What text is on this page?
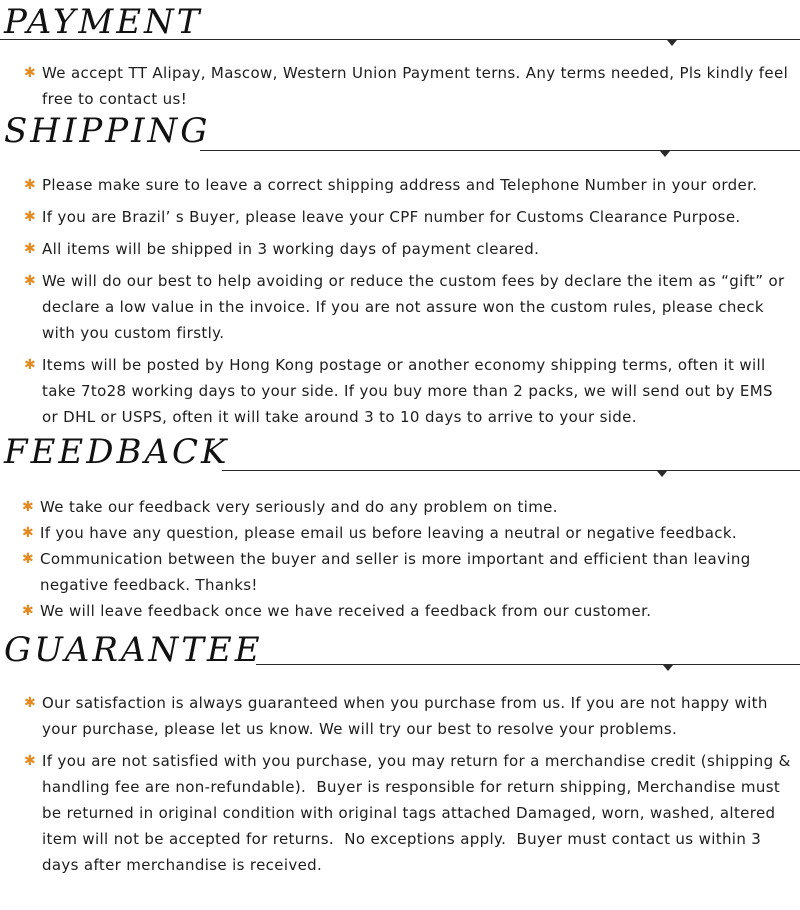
PAYMENT
✱ We accept TT Alipay, Mascow, Western Union Payment terns. Any terms needed, Pls kindly feel free to contact us!
SHIPPING
✱ Please make sure to leave a correct shipping address and Telephone Number in your order.
✱ If you are Brazil’ s Buyer, please leave your CPF number for Customs Clearance Purpose.
✱ All items will be shipped in 3 working days of payment cleared.
✱ We will do our best to help avoiding or reduce the custom fees by declare the item as “gift” or declare a low value in the invoice. If you are not assure won the custom rules, please check with you custom firstly.
✱ Items will be posted by Hong Kong postage or another economy shipping terms, often it will take 7to28 working days to your side. If you buy more than 2 packs, we will send out by EMS or DHL or USPS, often it will take around 3 to 10 days to arrive to your side.
FEEDBACK
✱ We take our feedback very seriously and do any problem on time.
✱ If you have any question, please email us before leaving a neutral or negative feedback.
✱ Communication between the buyer and seller is more important and efficient than leaving negative feedback. Thanks!
✱ We will leave feedback once we have received a feedback from our customer.
GUARANTEE
✱ Our satisfaction is always guaranteed when you purchase from us. If you are not happy with your purchase, please let us know. We will try our best to resolve your problems.
✱ If you are not satisfied with you purchase, you may return for a merchandise credit (shipping & handling fee are non-refundable).  Buyer is responsible for return shipping, Merchandise must be returned in original condition with original tags attached Damaged, worn, washed, altered item will not be accepted for returns.  No exceptions apply.  Buyer must contact us within 3 days after merchandise is received.
